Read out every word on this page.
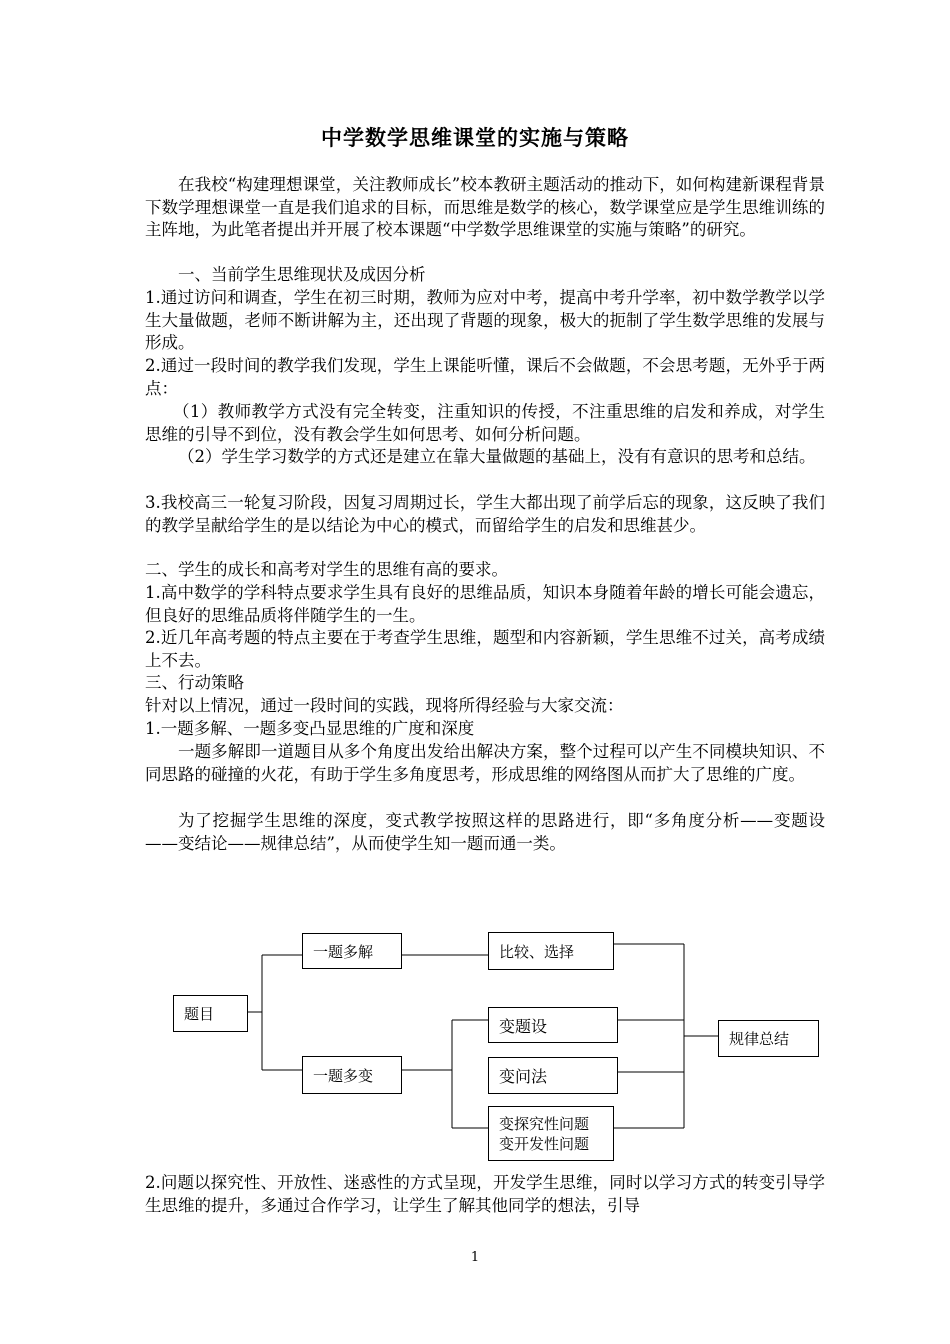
中学数学思维课堂的实施与策略

在我校“构建理想课堂，关注教师成长”校本教研主题活动的推动下，如何构建新课程背景下数学理想课堂一直是我们追求的目标，而思维是数学的核心，数学课堂应是学生思维训练的主阵地，为此笔者提出并开展了校本课题“中学数学思维课堂的实施与策略”的研究。

一、当前学生思维现状及成因分析

1.通过访问和调查，学生在初三时期，教师为应对中考，提高中考升学率，初中数学教学以学生大量做题，老师不断讲解为主，还出现了背题的现象，极大的扼制了学生数学思维的发展与形成。

2.通过一段时间的教学我们发现，学生上课能听懂，课后不会做题，不会思考题，无外乎于两点：

（1）教师教学方式没有完全转变，注重知识的传授，不注重思维的启发和养成，对学生思维的引导不到位，没有教会学生如何思考、如何分析问题。

（2）学生学习数学的方式还是建立在靠大量做题的基础上，没有有意识的思考和总结。

3.我校高三一轮复习阶段，因复习周期过长，学生大都出现了前学后忘的现象，这反映了我们的教学呈献给学生的是以结论为中心的模式，而留给学生的启发和思维甚少。

二、学生的成长和高考对学生的思维有高的要求。

1.高中数学的学科特点要求学生具有良好的思维品质，知识本身随着年龄的增长可能会遗忘，但良好的思维品质将伴随学生的一生。

2.近几年高考题的特点主要在于考查学生思维，题型和内容新颖，学生思维不过关，高考成绩上不去。

三、行动策略

针对以上情况，通过一段时间的实践，现将所得经验与大家交流：

1.一题多解、一题多变凸显思维的广度和深度

一题多解即一道题目从多个角度出发给出解决方案，整个过程可以产生不同模块知识、不同思路的碰撞的火花，有助于学生多角度思考，形成思维的网络图从而扩大了思维的广度。

为了挖掘学生思维的深度，变式教学按照这样的思路进行，即“多角度分析——变题设——变结论——规律总结”，从而使学生知一题而通一类。

题目
一题多解
一题多变
比较、选择
变题设
变问法
变探究性问题
变开发性问题
规律总结

2.问题以探究性、开放性、迷惑性的方式呈现，开发学生思维，同时以学习方式的转变引导学生思维的提升，多通过合作学习，让学生了解其他同学的想法，引导

1
